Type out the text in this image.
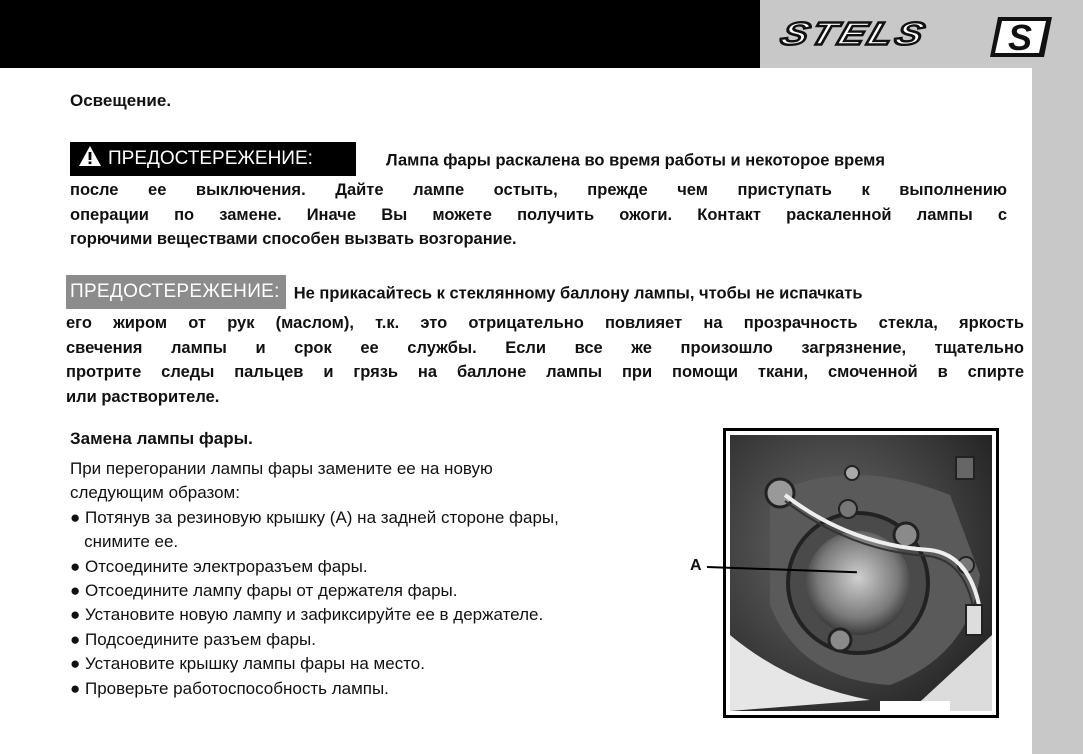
STELS S
Освещение.
ПРЕДОСТЕРЕЖЕНИЕ:	Лампа фары раскалена во время работы и некоторое время
после ее выключения. Дайте лампе остыть, прежде чем приступать к выполнению
операции по замене. Иначе Вы можете получить ожоги. Контакт раскаленной лампы с
горючими веществами способен вызвать возгорание.
ПРЕДОСТЕРЕЖЕНИЕ: Не прикасайтесь к стеклянному баллону лампы, чтобы не испачкать
его жиром от рук (маслом), т.к. это отрицательно повлияет на прозрачность стекла, яркость
свечения лампы и срок ее службы. Если все же произошло загрязнение, тщательно
протрите следы пальцев и грязь на баллоне лампы при помощи ткани, смоченной в спирте
или растворителе.
Замена лампы фары.
При перегорании лампы фары замените ее на новую
следующим образом:
● Потянув за резиновую крышку (А) на задней стороне фары,
снимите ее.
● Отсоедините электроразъем фары.
● Отсоедините лампу фары от держателя фары.
● Установите новую лампу и зафиксируйте ее в держателе.
● Подсоедините разъем фары.
● Установите крышку лампы фары на место.
● Проверьте работоспособность лампы.
A
